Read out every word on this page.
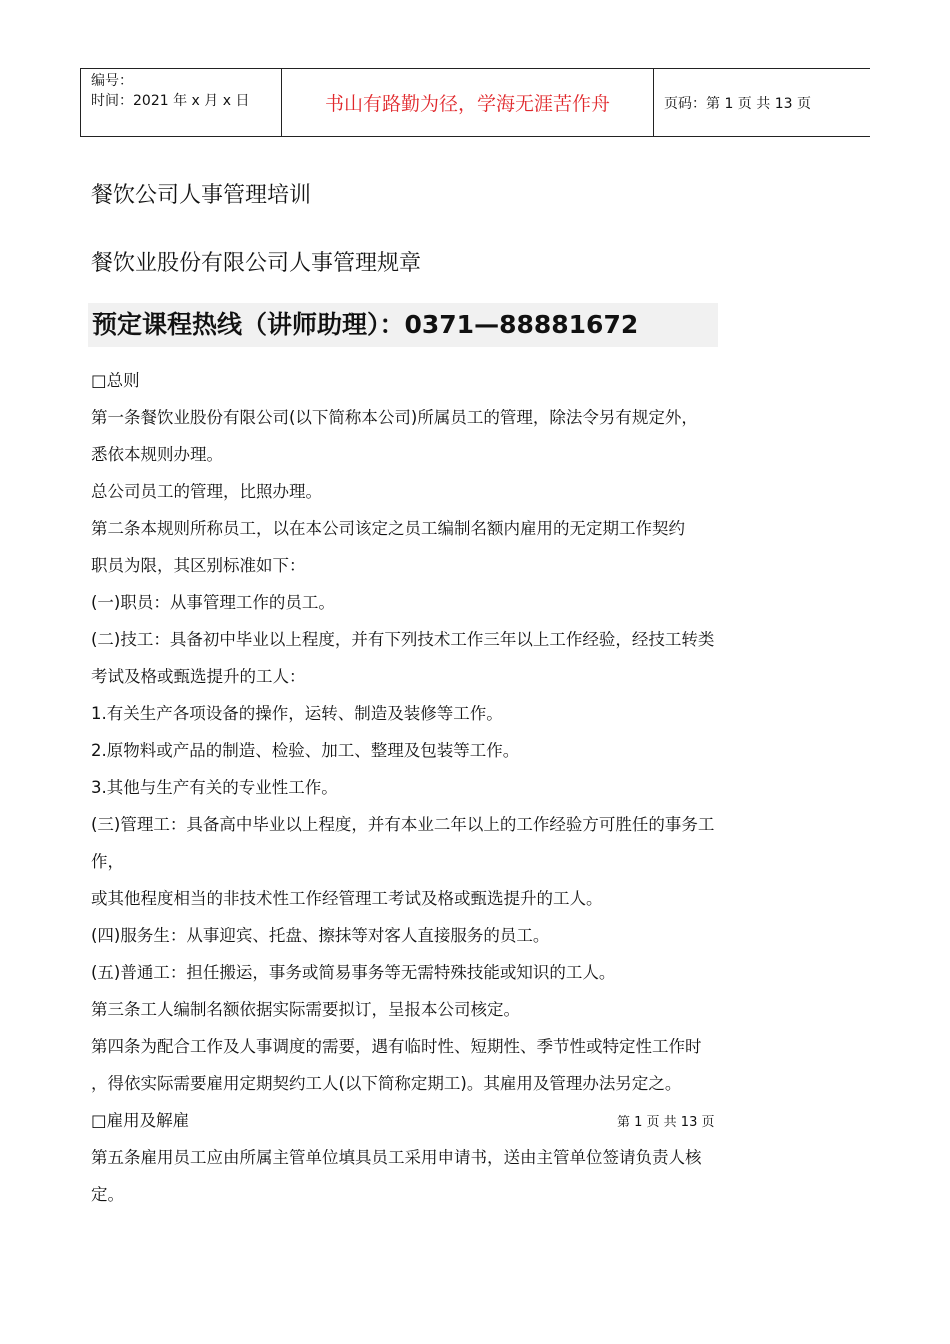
编号：
时间：2021 年 x 月 x 日	书山有路勤为径，学海无涯苦作舟	页码：第 1 页 共 13 页
餐饮公司人事管理培训
餐饮业股份有限公司人事管理规章
预定课程热线（讲师助理）：0371—88881672
□总则
第一条餐饮业股份有限公司(以下简称本公司)所属员工的管理，除法令另有规定外，
悉依本规则办理。
总公司员工的管理，比照办理。
第二条本规则所称员工，以在本公司该定之员工编制名额内雇用的无定期工作契约
职员为限，其区别标准如下：
(一)职员：从事管理工作的员工。
(二)技工：具备初中毕业以上程度，并有下列技术工作三年以上工作经验，经技工转类
考试及格或甄选提升的工人：
1.有关生产各项设备的操作，运转、制造及装修等工作。
2.原物料或产品的制造、检验、加工、整理及包装等工作。
3.其他与生产有关的专业性工作。
(三)管理工：具备高中毕业以上程度，并有本业二年以上的工作经验方可胜任的事务工
作，
或其他程度相当的非技术性工作经管理工考试及格或甄选提升的工人。
(四)服务生：从事迎宾、托盘、擦抹等对客人直接服务的员工。
(五)普通工：担任搬运，事务或简易事务等无需特殊技能或知识的工人。
第三条工人编制名额依据实际需要拟订，呈报本公司核定。
第四条为配合工作及人事调度的需要，遇有临时性、短期性、季节性或特定性工作时
，得依实际需要雇用定期契约工人(以下简称定期工)。其雇用及管理办法另定之。
□雇用及解雇
第五条雇用员工应由所属主管单位填具员工采用申请书，送由主管单位签请负责人核
定。
第 1 页 共 13 页
